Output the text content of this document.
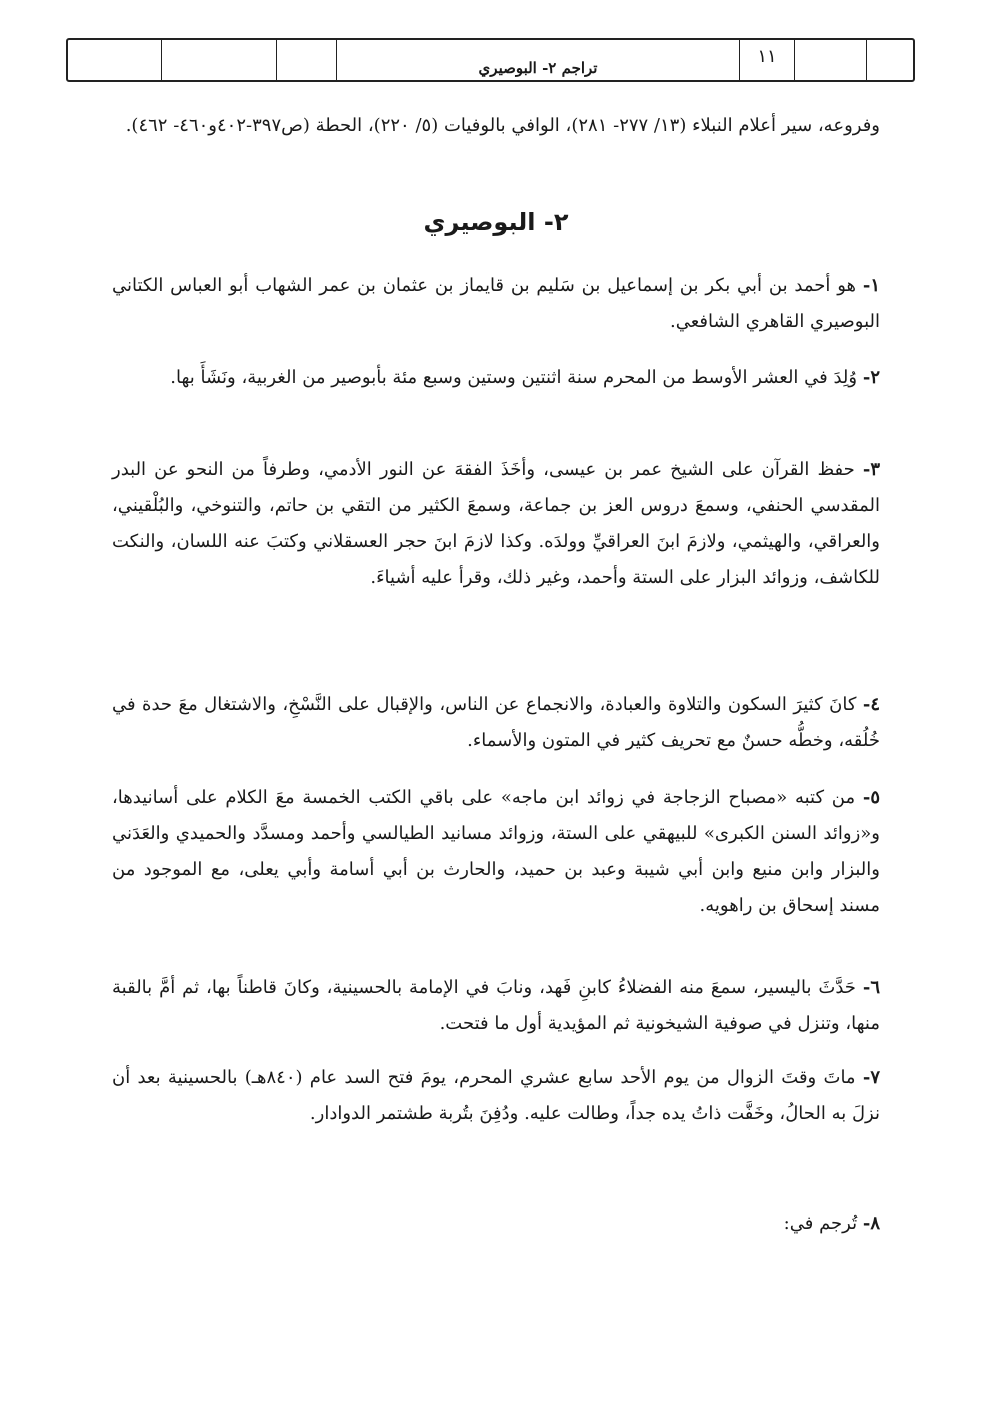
١١
تراجم ٢- البوصيري
وفروعه، سير أعلام النبلاء (١٣/ ٢٧٧- ٢٨١)، الوافي بالوفيات (٥/ ٢٢٠)، الحطة (ص٣٩٧-٤٠٢و٤٦٠- ٤٦٢).
٢- البوصيري
١- هو أحمد بن أبي بكر بن إسماعيل بن سَليم بن قايماز بن عثمان بن عمر الشهاب أبو العباس الكتاني البوصيري القاهري الشافعي.
٢- وُلِدَ في العشر الأوسط من المحرم سنة اثنتين وستين وسبع مئة بأبوصير من الغربية، ونَشَأَ بها.
٣- حفظ القرآن على الشيخ عمر بن عيسى، وأخَذَ الفقهَ عن النور الأدمي، وطرفاً من النحو عن البدر المقدسي الحنفي، وسمعَ دروس العز بن جماعة، وسمعَ الكثير من التقي بن حاتم، والتنوخي، والبُلْقيني، والعراقي، والهيثمي، ولازمَ ابنَ العراقيِّ وولدَه. وكذا لازمَ ابنَ حجر العسقلاني وكتبَ عنه اللسان، والنكت للكاشف، وزوائد البزار على الستة وأحمد، وغير ذلك، وقرأ عليه أشياءَ.
٤- كانَ كثيرَ السكون والتلاوة والعبادة، والانجماع عن الناس، والإقبال على النَّسْخِ، والاشتغال معَ حدة في خُلُقه، وخطُّه حسنٌ مع تحريف كثير في المتون والأسماء.
٥- من كتبه «مصباح الزجاجة في زوائد ابن ماجه» على باقي الكتب الخمسة معَ الكلام على أسانيدها، و«زوائد السنن الكبرى» للبيهقي على الستة، وزوائد مسانيد الطيالسي وأحمد ومسدَّد والحميدي والعَدَني والبزار وابن منيع وابن أبي شيبة وعبد بن حميد، والحارث بن أبي أسامة وأبي يعلى، مع الموجود من مسند إسحاق بن راهويه.
٦- حَدَّثَ باليسير، سمعَ منه الفضلاءُ كابنِ فَهد، ونابَ في الإمامة بالحسينية، وكانَ قاطناً بها، ثم أمَّ بالقبة منها، وتنزل في صوفية الشيخونية ثم المؤيدية أول ما فتحت.
٧- ماتَ وقتَ الزوال من يوم الأحد سابع عشري المحرم، يومَ فتح السد عام (٨٤٠هـ) بالحسينية بعد أن نزلَ به الحالُ، وخَفَّت ذاتُ يده جداً، وطالت عليه. ودُفِنَ بتُربة طشتمر الدوادار.
٨- تُرجم في:
